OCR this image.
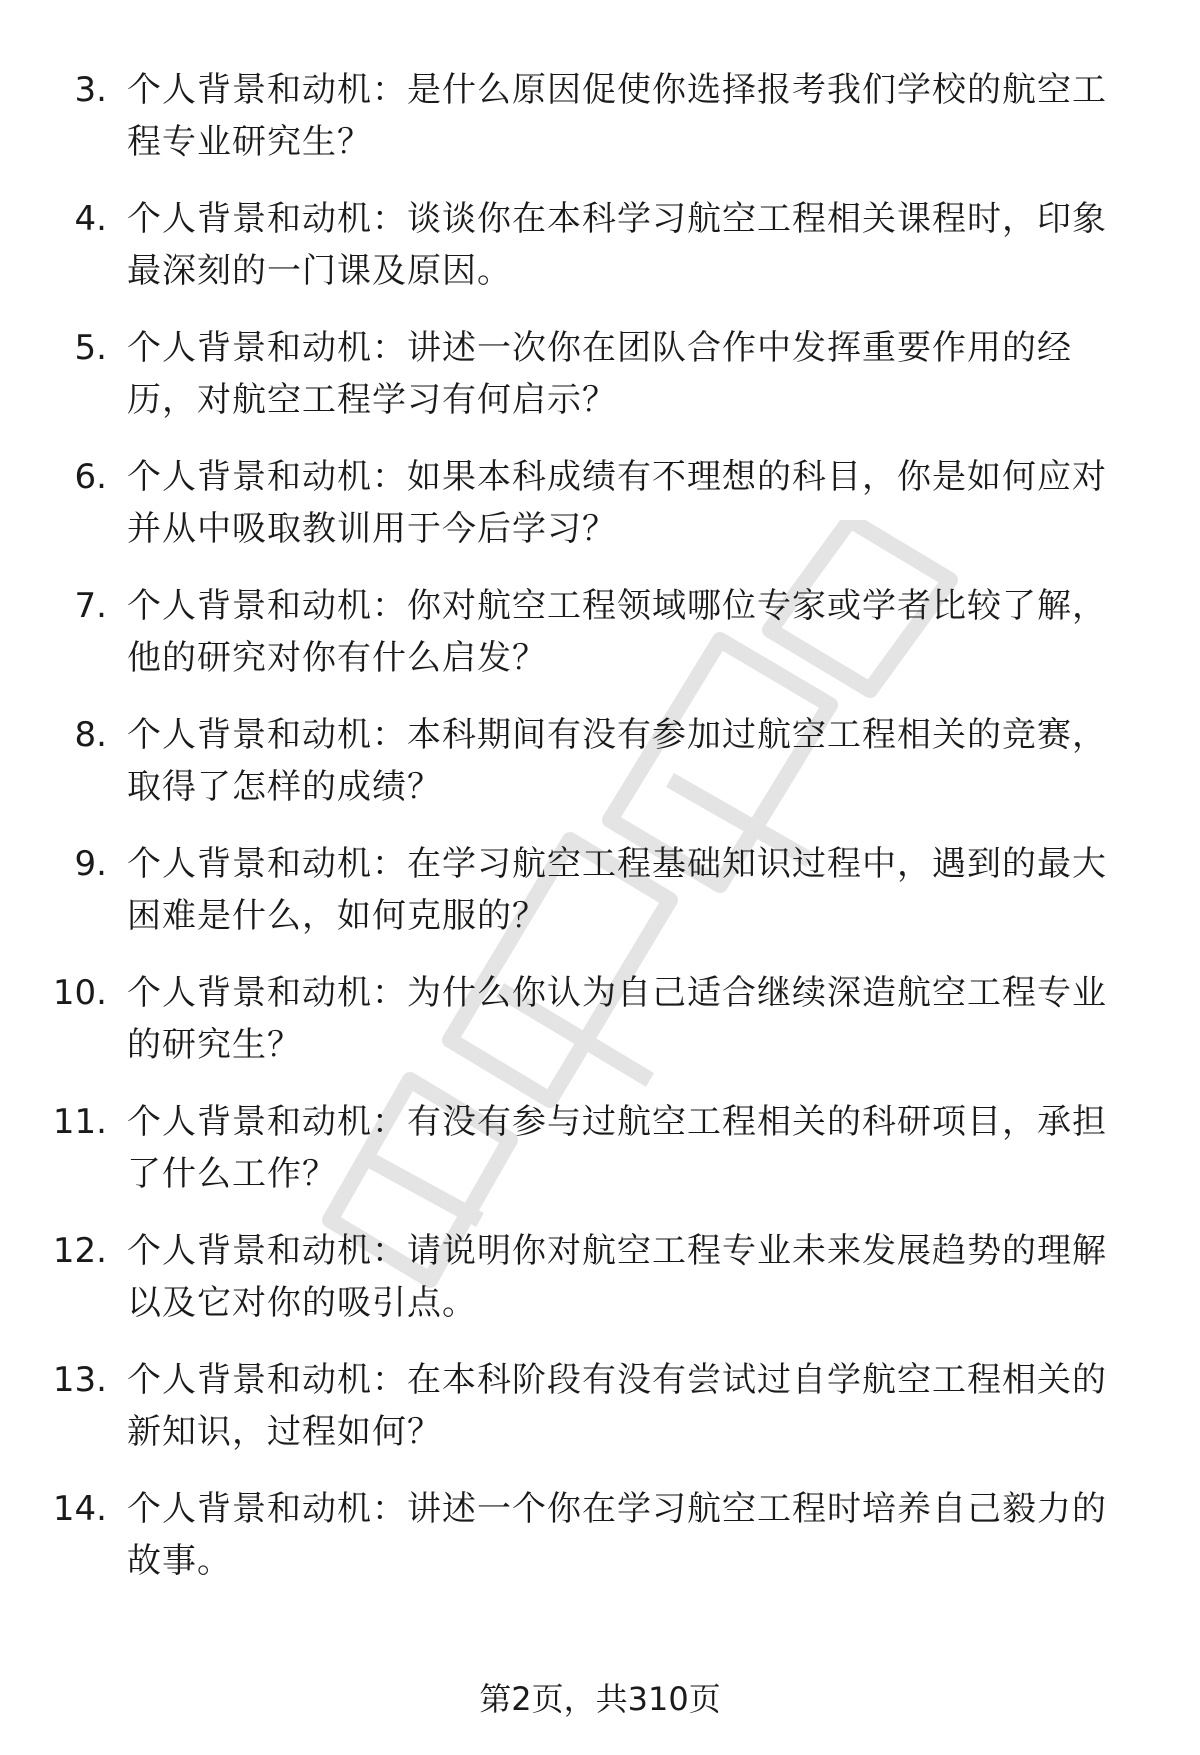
3. 个人背景和动机：是什么原因促使你选择报考我们学校的航空工程专业研究生？
4. 个人背景和动机：谈谈你在本科学习航空工程相关课程时，印象最深刻的一门课及原因。
5. 个人背景和动机：讲述一次你在团队合作中发挥重要作用的经历，对航空工程学习有何启示？
6. 个人背景和动机：如果本科成绩有不理想的科目，你是如何应对并从中吸取教训用于今后学习？
7. 个人背景和动机：你对航空工程领域哪位专家或学者比较了解，他的研究对你有什么启发？
8. 个人背景和动机：本科期间有没有参加过航空工程相关的竞赛，取得了怎样的成绩？
9. 个人背景和动机：在学习航空工程基础知识过程中，遇到的最大困难是什么，如何克服的？
10. 个人背景和动机：为什么你认为自己适合继续深造航空工程专业的研究生？
11. 个人背景和动机：有没有参与过航空工程相关的科研项目，承担了什么工作？
12. 个人背景和动机：请说明你对航空工程专业未来发展趋势的理解以及它对你的吸引点。
13. 个人背景和动机：在本科阶段有没有尝试过自学航空工程相关的新知识，过程如何？
14. 个人背景和动机：讲述一个你在学习航空工程时培养自己毅力的故事。
第2页，共310页
